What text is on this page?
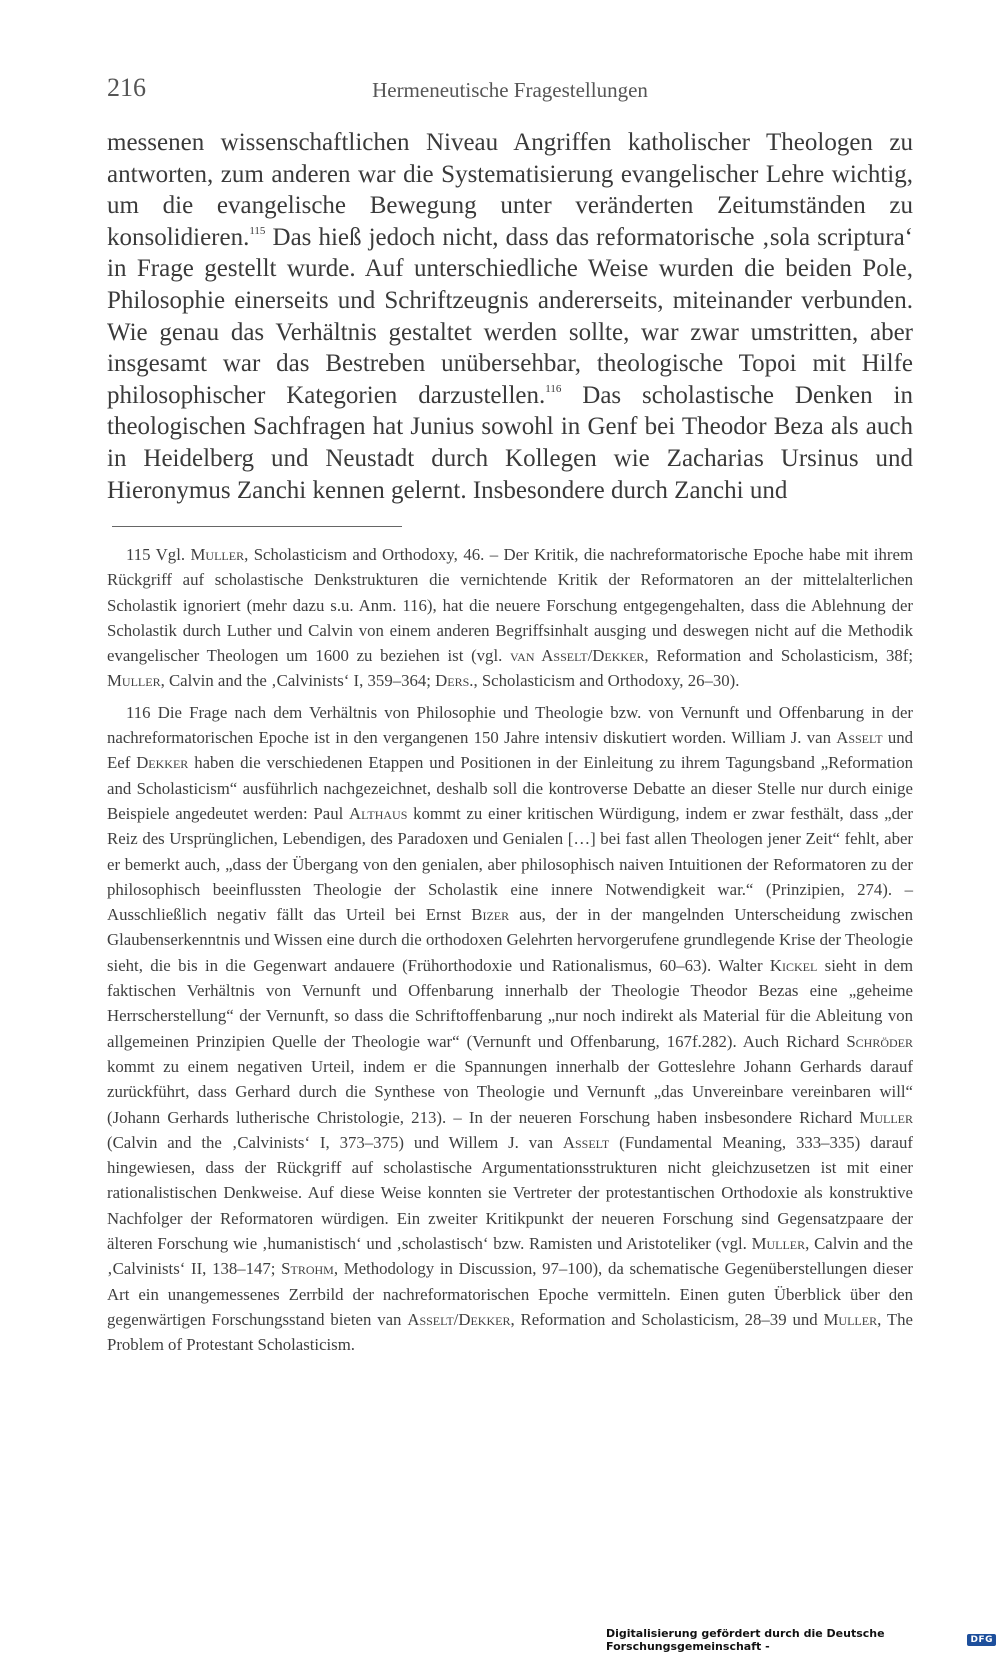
216	Hermeneutische Fragestellungen

messenen wissenschaftlichen Niveau Angriffen katholischer Theologen zu antworten, zum anderen war die Systematisierung evangelischer Lehre wichtig, um die evangelische Bewegung unter veränderten Zeitumständen zu konsolidieren.$^{115}$ Das hieß jedoch nicht, dass das reformatorische ‚sola scriptura‘ in Frage gestellt wurde. Auf unterschiedliche Weise wurden die beiden Pole, Philosophie einerseits und Schriftzeugnis andererseits, miteinander verbunden. Wie genau das Verhältnis gestaltet werden sollte, war zwar umstritten, aber insgesamt war das Bestreben unübersehbar, theologische Topoi mit Hilfe philosophischer Kategorien darzustellen.$^{116}$ Das scholastische Denken in theologischen Sachfragen hat Junius sowohl in Genf bei Theodor Beza als auch in Heidelberg und Neustadt durch Kollegen wie Zacharias Ursinus und Hieronymus Zanchi kennen gelernt. Insbesondere durch Zanchi und

115 Vgl. Muller, Scholasticism and Orthodoxy, 46. – Der Kritik, die nachreformatorische Epoche habe mit ihrem Rückgriff auf scholastische Denkstrukturen die vernichtende Kritik der Reformatoren an der mittelalterlichen Scholastik ignoriert (mehr dazu s.u. Anm. 116), hat die neuere Forschung entgegengehalten, dass die Ablehnung der Scholastik durch Luther und Calvin von einem anderen Begriffsinhalt ausging und deswegen nicht auf die Methodik evangelischer Theologen um 1600 zu beziehen ist (vgl. van Asselt/Dekker, Reformation and Scholasticism, 38f; Muller, Calvin and the ‚Calvinists‘ I, 359–364; Ders., Scholasticism and Orthodoxy, 26–30).

116 Die Frage nach dem Verhältnis von Philosophie und Theologie bzw. von Vernunft und Offenbarung in der nachreformatorischen Epoche ist in den vergangenen 150 Jahre intensiv diskutiert worden. William J. van Asselt und Eef Dekker haben die verschiedenen Etappen und Positionen in der Einleitung zu ihrem Tagungsband „Reformation and Scholasticism“ ausführlich nachgezeichnet, deshalb soll die kontroverse Debatte an dieser Stelle nur durch einige Beispiele angedeutet werden: Paul Althaus kommt zu einer kritischen Würdigung, indem er zwar festhält, dass „der Reiz des Ursprünglichen, Lebendigen, des Paradoxen und Genialen […] bei fast allen Theologen jener Zeit“ fehlt, aber er bemerkt auch, „dass der Übergang von den genialen, aber philosophisch naiven Intuitionen der Reformatoren zu der philosophisch beeinflussten Theologie der Scholastik eine innere Notwendigkeit war.“ (Prinzipien, 274). – Ausschließlich negativ fällt das Urteil bei Ernst Bizer aus, der in der mangelnden Unterscheidung zwischen Glaubenserkenntnis und Wissen eine durch die orthodoxen Gelehrten hervorgerufene grundlegende Krise der Theologie sieht, die bis in die Gegenwart andauere (Frühorthodoxie und Rationalismus, 60–63). Walter Kickel sieht in dem faktischen Verhältnis von Vernunft und Offenbarung innerhalb der Theologie Theodor Bezas eine „geheime Herrscherstellung“ der Vernunft, so dass die Schriftoffenbarung „nur noch indirekt als Material für die Ableitung von allgemeinen Prinzipien Quelle der Theologie war“ (Vernunft und Offenbarung, 167f.282). Auch Richard Schröder kommt zu einem negativen Urteil, indem er die Spannungen innerhalb der Gotteslehre Johann Gerhards darauf zurückführt, dass Gerhard durch die Synthese von Theologie und Vernunft „das Unvereinbare vereinbaren will“ (Johann Gerhards lutherische Christologie, 213). – In der neueren Forschung haben insbesondere Richard Muller (Calvin and the ‚Calvinists‘ I, 373–375) und Willem J. van Asselt (Fundamental Meaning, 333–335) darauf hingewiesen, dass der Rückgriff auf scholastische Argumentationsstrukturen nicht gleichzusetzen ist mit einer rationalistischen Denkweise. Auf diese Weise konnten sie Vertreter der protestantischen Orthodoxie als konstruktive Nachfolger der Reformatoren würdigen. Ein zweiter Kritikpunkt der neueren Forschung sind Gegensatzpaare der älteren Forschung wie ‚humanistisch‘ und ‚scholastisch‘ bzw. Ramisten und Aristoteliker (vgl. Muller, Calvin and the ‚Calvinists‘ II, 138–147; Strohm, Methodology in Discussion, 97–100), da schematische Gegenüberstellungen dieser Art ein unangemessenes Zerrbild der nachreformatorischen Epoche vermitteln. Einen guten Überblick über den gegenwärtigen Forschungsstand bieten van Asselt/Dekker, Reformation and Scholasticism, 28–39 und Muller, The Problem of Protestant Scholasticism.

Digitalisierung gefördert durch die Deutsche Forschungsgemeinschaft -	DFG
